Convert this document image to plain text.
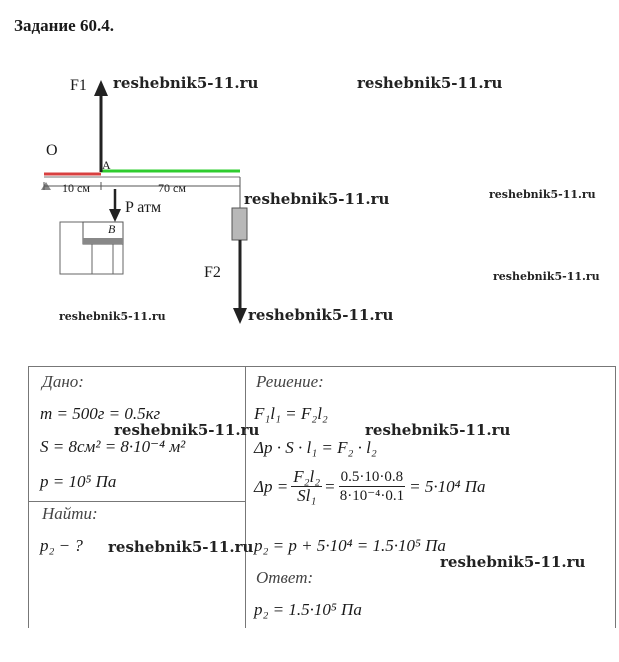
Задание 60.4.
F1
O
A
10 см	70 см
P атм
B
F2
reshebnik5-11.ru	reshebnik5-11.ru
reshebnik5-11.ru	reshebnik5-11.ru
reshebnik5-11.ru
reshebnik5-11.ru	reshebnik5-11.ru
Дано:
m = 500г = 0.5кг
S = 8см² = 8·10⁻⁴ м²
p = 10⁵ Па
Найти:
p₂ − ?
Решение:
F₁l₁ = F₂l₂
Δp · S · l₁ = F₂ · l₂
$\Delta p = \frac{\text{F₂l₂}}{\text{Sl₁}} = \frac{0.5\cdot 10\cdot 0.8}{\text{8·10⁻⁴·0.1}} = 5\cdot 10^4$ Па
p₂ = p + 5·10⁴ = 1.5·10⁵ Па
Ответ:
p₂ = 1.5·10⁵ Па
reshebnik5-11.ru	reshebnik5-11.ru
reshebnik5-11.ru
reshebnik5-11.ru
